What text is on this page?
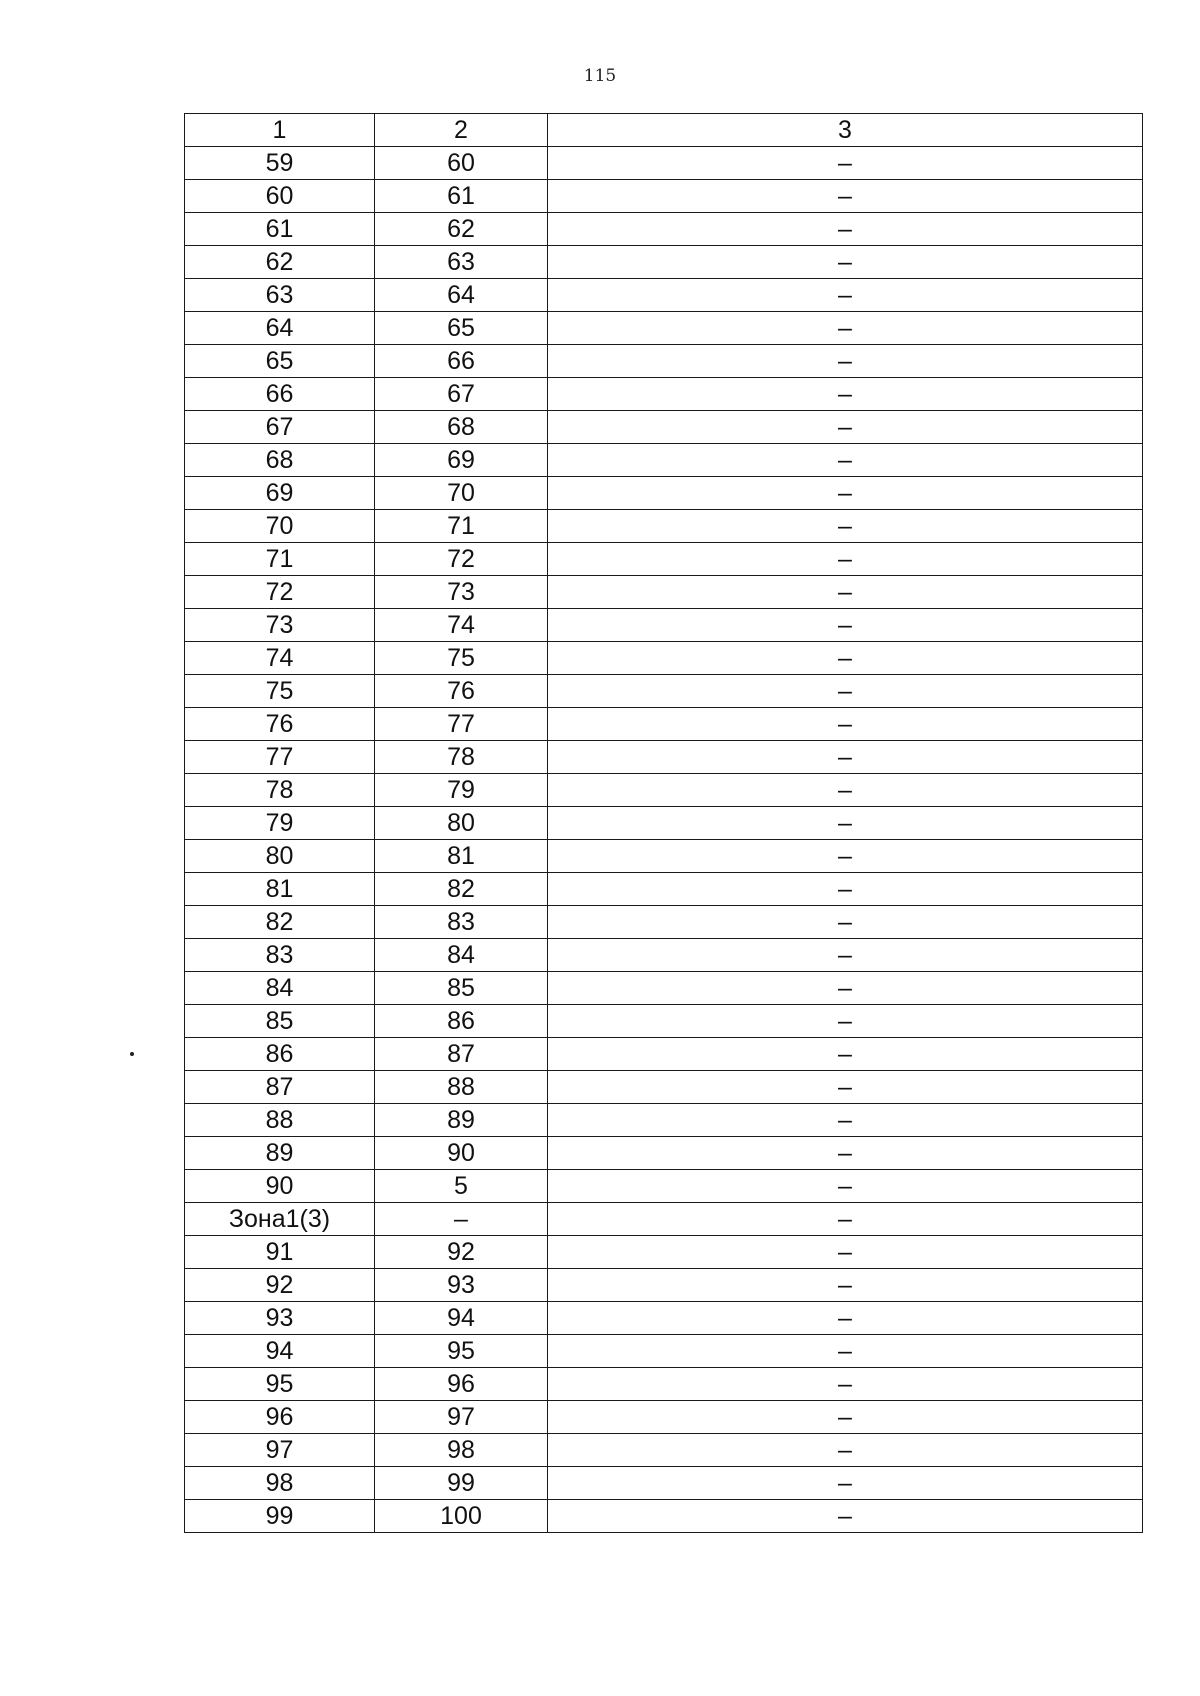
115
1	2	3
59	60	–
60	61	–
61	62	–
62	63	–
63	64	–
64	65	–
65	66	–
66	67	–
67	68	–
68	69	–
69	70	–
70	71	–
71	72	–
72	73	–
73	74	–
74	75	–
75	76	–
76	77	–
77	78	–
78	79	–
79	80	–
80	81	–
81	82	–
82	83	–
83	84	–
84	85	–
85	86	–
86	87	–
87	88	–
88	89	–
89	90	–
90	5	–
Зона1(3)	–	–
91	92	–
92	93	–
93	94	–
94	95	–
95	96	–
96	97	–
97	98	–
98	99	–
99	100	–
